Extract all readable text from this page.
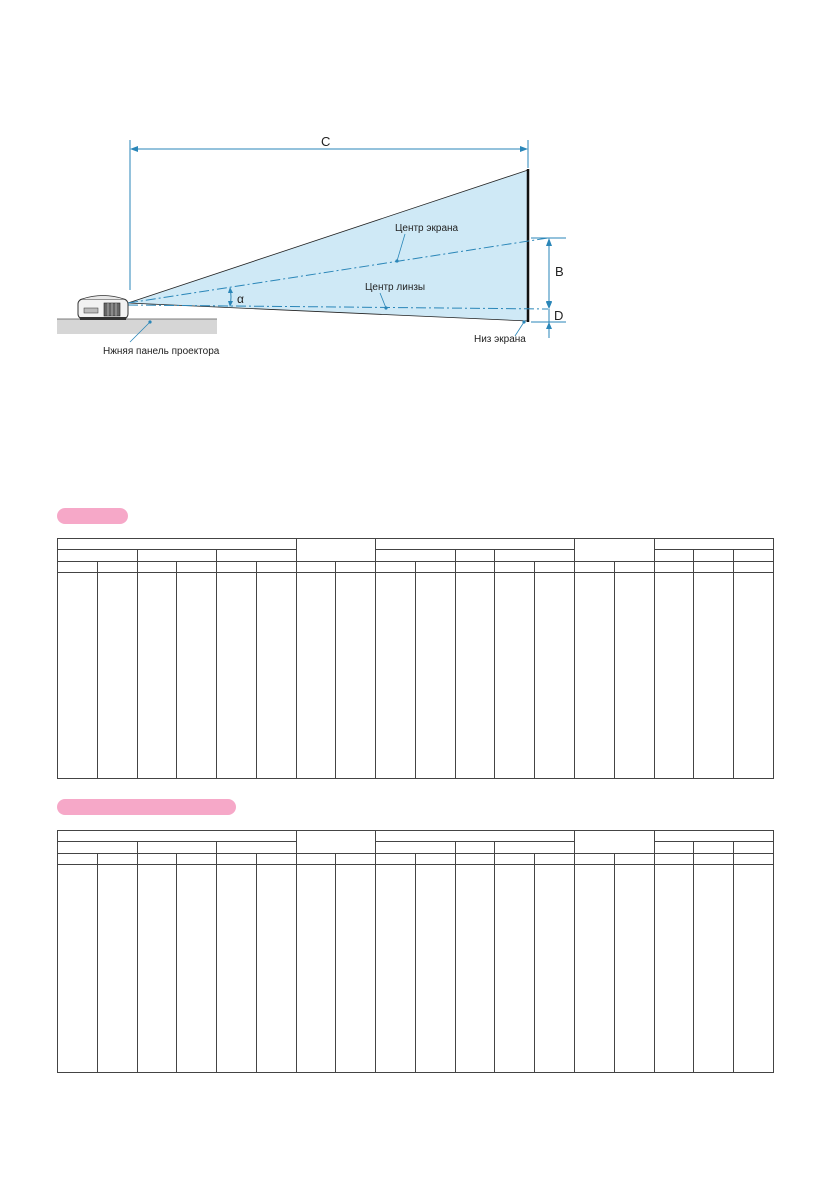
C
α
B
D
Центр экрана
Центр линзы
Нжняя панель проектора
Низ экрана
